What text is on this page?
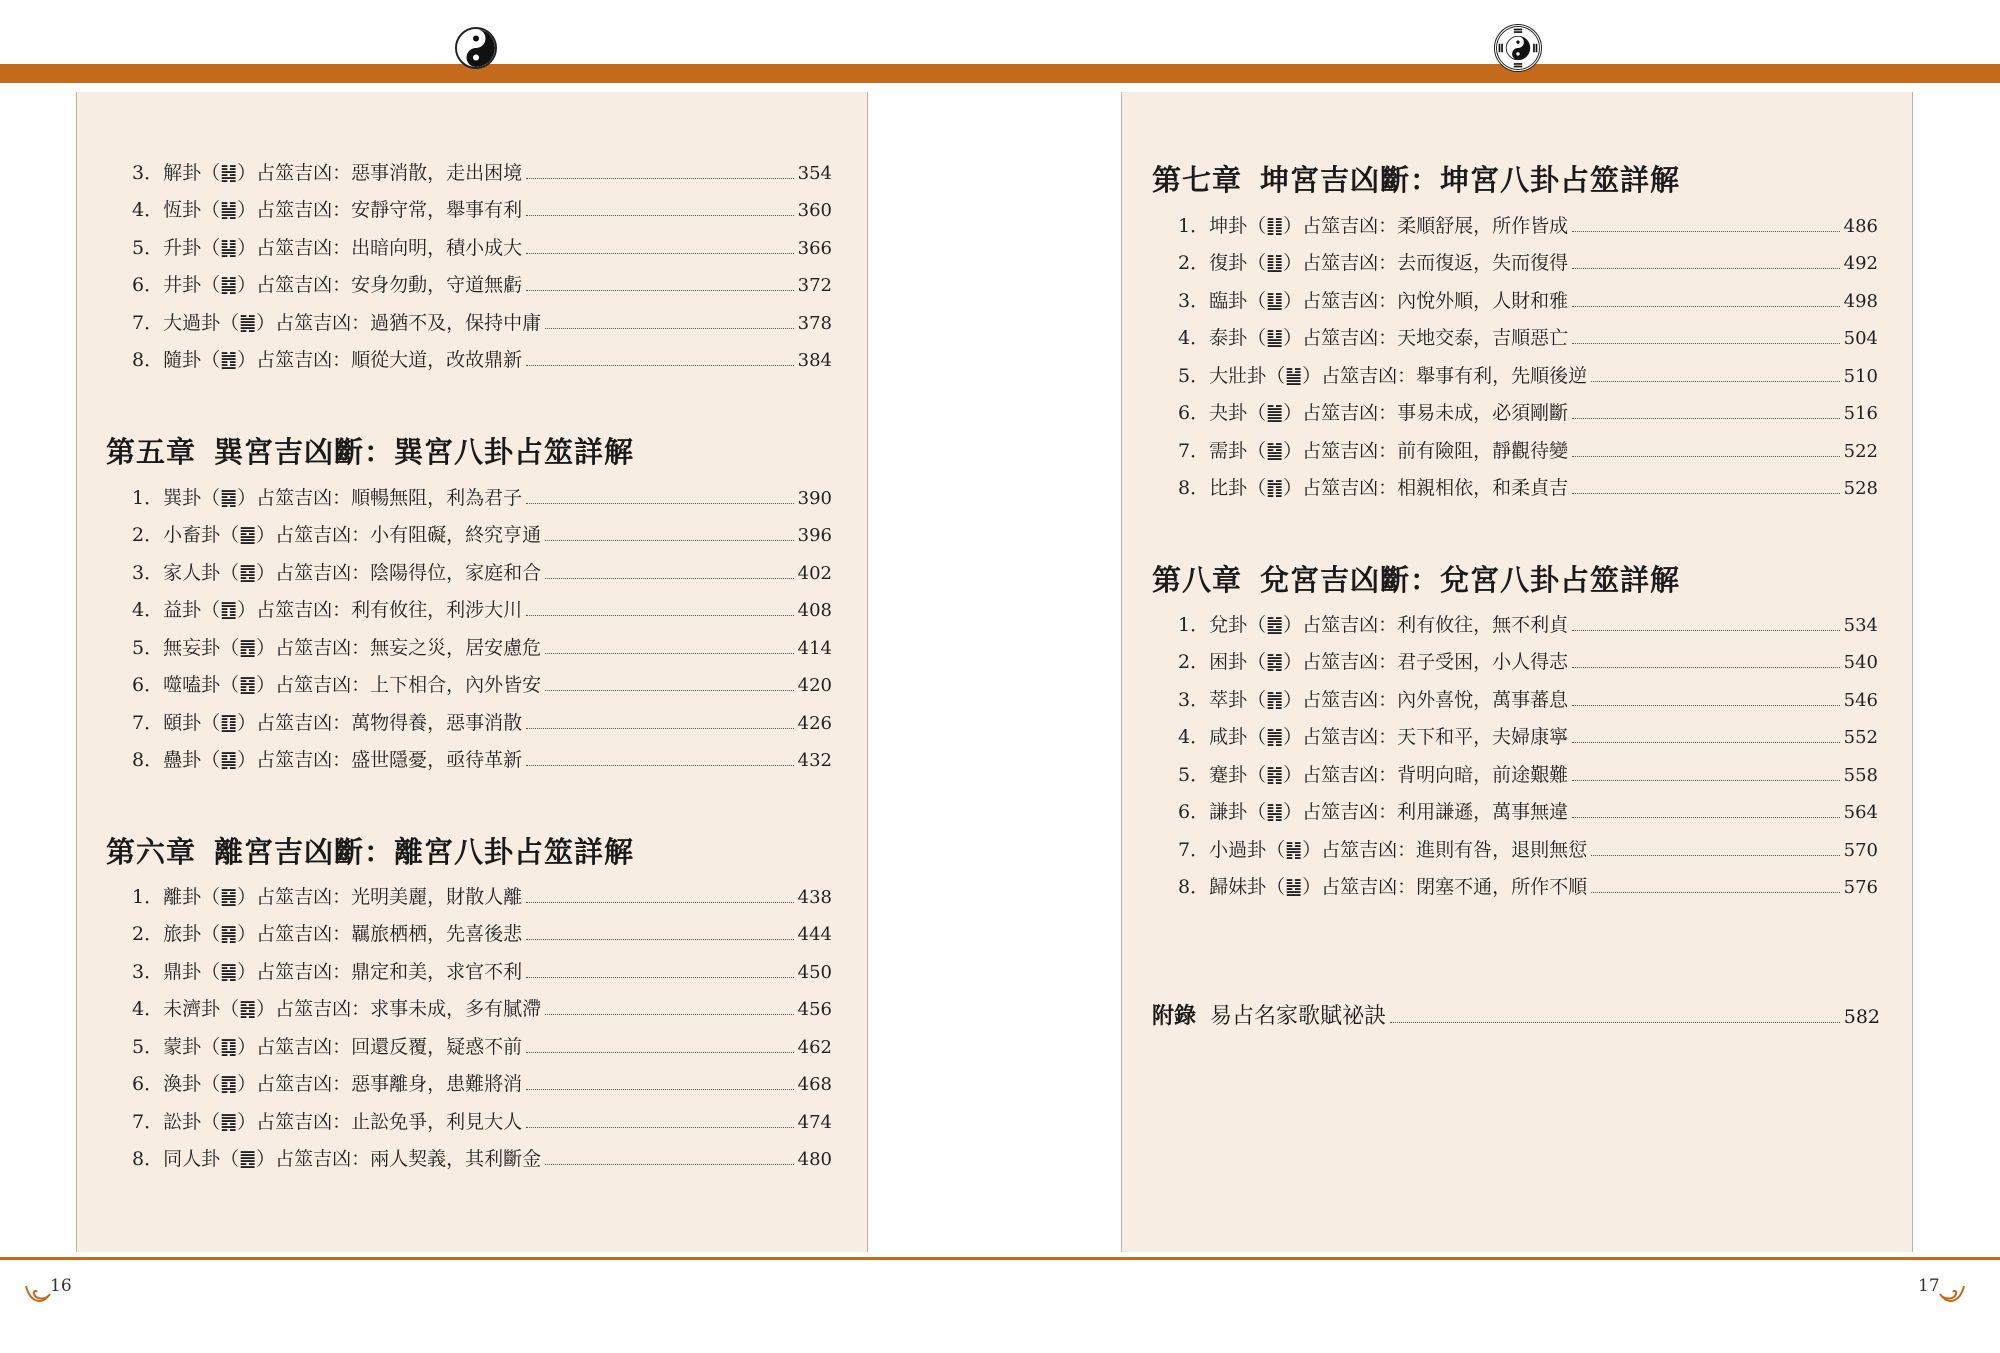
3．解卦（䷧）占筮吉凶：惡事消散，走出困境	354
4．恆卦（䷟）占筮吉凶：安靜守常，舉事有利	360
5．升卦（䷭）占筮吉凶：出暗向明，積小成大	366
6．井卦（䷯）占筮吉凶：安身勿動，守道無虧	372
7．大過卦（䷛）占筮吉凶：過猶不及，保持中庸	378
8．隨卦（䷐）占筮吉凶：順從大道，改故鼎新	384
第五章 巽宮吉凶斷：巽宮八卦占筮詳解
1．巽卦（䷸）占筮吉凶：順暢無阻，利為君子	390
2．小畜卦（䷈）占筮吉凶：小有阻礙，終究亨通	396
3．家人卦（䷤）占筮吉凶：陰陽得位，家庭和合	402
4．益卦（䷩）占筮吉凶：利有攸往，利涉大川	408
5．無妄卦（䷘）占筮吉凶：無妄之災，居安慮危	414
6．噬嗑卦（䷔）占筮吉凶：上下相合，內外皆安	420
7．頤卦（䷚）占筮吉凶：萬物得養，惡事消散	426
8．蠱卦（䷑）占筮吉凶：盛世隱憂，亟待革新	432
第六章 離宮吉凶斷：離宮八卦占筮詳解
1．離卦（䷝）占筮吉凶：光明美麗，財散人離	438
2．旅卦（䷷）占筮吉凶：羈旅栖栖，先喜後悲	444
3．鼎卦（䷱）占筮吉凶：鼎定和美，求官不利	450
4．未濟卦（䷿）占筮吉凶：求事未成，多有膩滯	456
5．蒙卦（䷃）占筮吉凶：回還反覆，疑惑不前	462
6．渙卦（䷺）占筮吉凶：惡事離身，患難將消	468
7．訟卦（䷅）占筮吉凶：止訟免爭，利見大人	474
8．同人卦（䷌）占筮吉凶：兩人契義，其利斷金	480
第七章 坤宮吉凶斷：坤宮八卦占筮詳解
1．坤卦（䷁）占筮吉凶：柔順舒展，所作皆成	486
2．復卦（䷗）占筮吉凶：去而復返，失而復得	492
3．臨卦（䷒）占筮吉凶：內悅外順，人財和雅	498
4．泰卦（䷊）占筮吉凶：天地交泰，吉順惡亡	504
5．大壯卦（䷡）占筮吉凶：舉事有利，先順後逆	510
6．夬卦（䷪）占筮吉凶：事易未成，必須剛斷	516
7．需卦（䷄）占筮吉凶：前有險阻，靜觀待變	522
8．比卦（䷇）占筮吉凶：相親相依，和柔貞吉	528
第八章 兌宮吉凶斷：兌宮八卦占筮詳解
1．兌卦（䷹）占筮吉凶：利有攸往，無不利貞	534
2．困卦（䷮）占筮吉凶：君子受困，小人得志	540
3．萃卦（䷬）占筮吉凶：內外喜悅，萬事蕃息	546
4．咸卦（䷞）占筮吉凶：天下和平，夫婦康寧	552
5．蹇卦（䷦）占筮吉凶：背明向暗，前途艱難	558
6．謙卦（䷎）占筮吉凶：利用謙遜，萬事無違	564
7．小過卦（䷽）占筮吉凶：進則有咎，退則無愆	570
8．歸妹卦（䷵）占筮吉凶：閉塞不通，所作不順	576
附錄 易占名家歌賦祕訣	582
16	17
